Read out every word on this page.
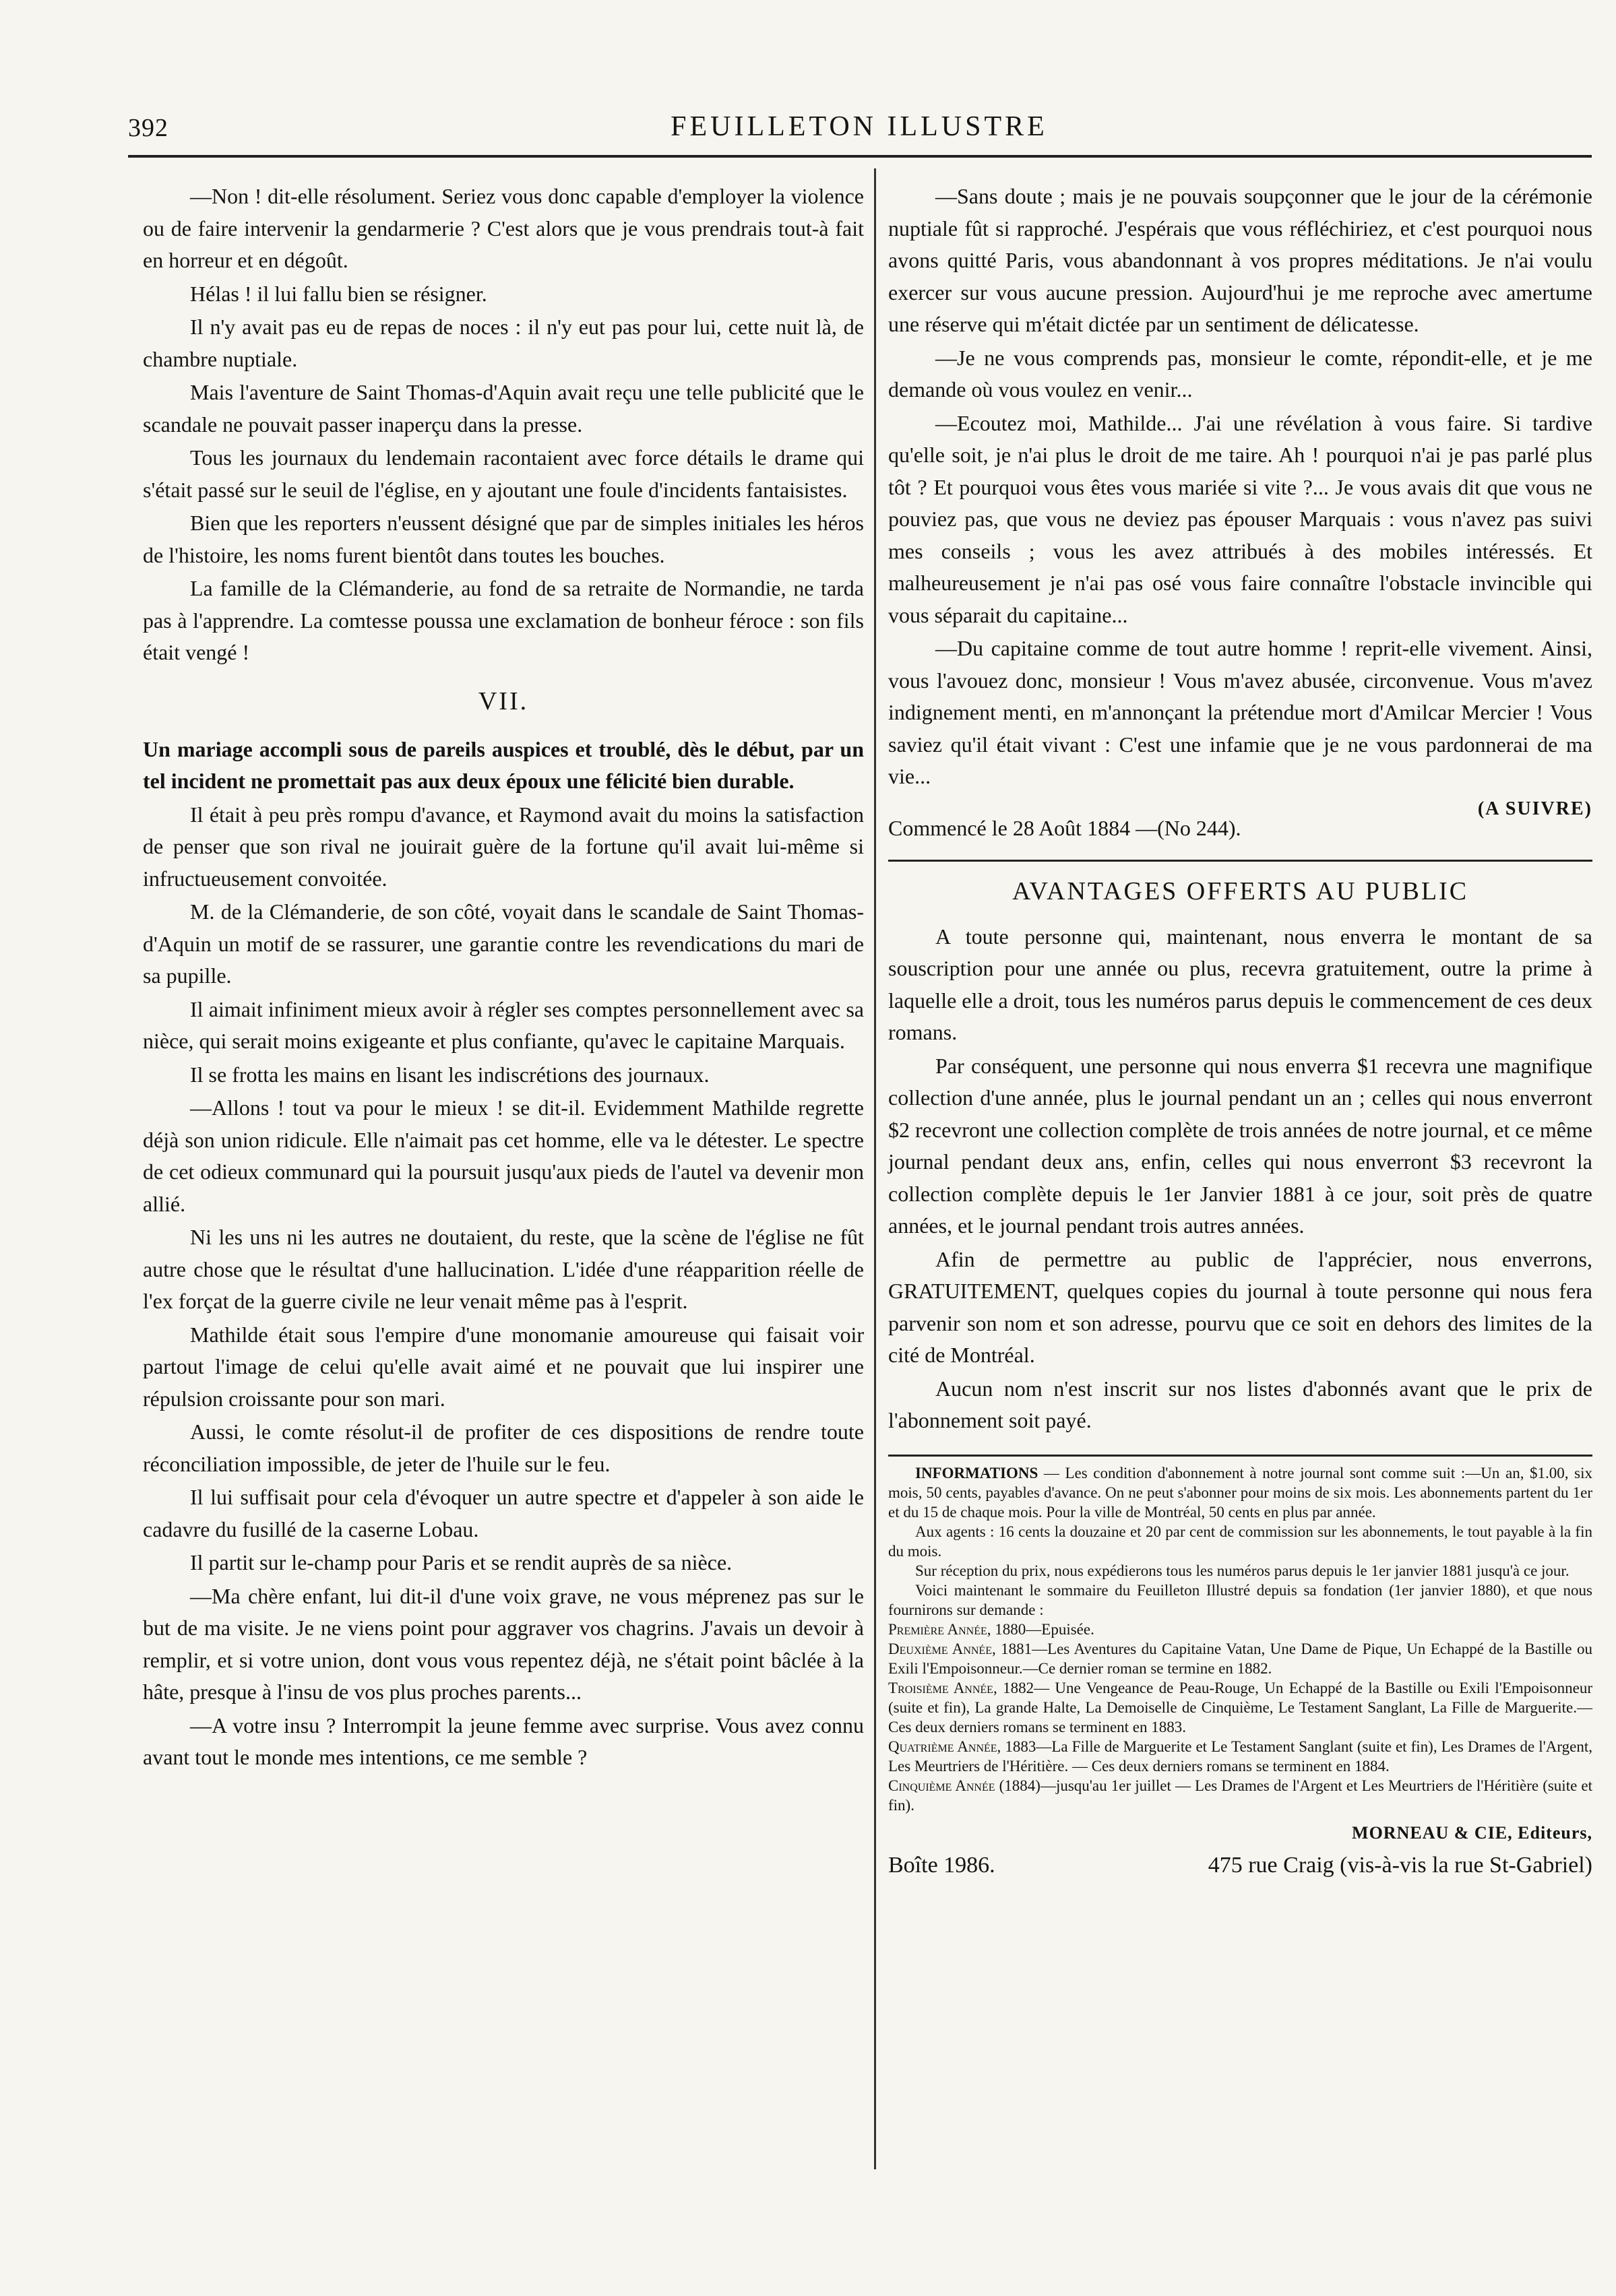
392	FEUILLETON ILLUSTRE

—Non ! dit-elle résolument. Seriez vous donc capable d'employer la violence ou de faire intervenir la gendarmerie ? C'est alors que je vous prendrais tout-à fait en horreur et en dégoût.

Hélas ! il lui fallu bien se résigner.

Il n'y avait pas eu de repas de noces : il n'y eut pas pour lui, cette nuit là, de chambre nuptiale.

Mais l'aventure de Saint Thomas-d'Aquin avait reçu une telle publicité que le scandale ne pouvait passer inaperçu dans la presse.

Tous les journaux du lendemain racontaient avec force détails le drame qui s'était passé sur le seuil de l'église, en y ajoutant une foule d'incidents fantaisistes.

Bien que les reporters n'eussent désigné que par de simples initiales les héros de l'histoire, les noms furent bientôt dans toutes les bouches.

La famille de la Clémanderie, au fond de sa retraite de Normandie, ne tarda pas à l'apprendre. La comtesse poussa une exclamation de bonheur féroce : son fils était vengé !

VII.

Un mariage accompli sous de pareils auspices et troublé, dès le début, par un tel incident ne promettait pas aux deux époux une félicité bien durable.

Il était à peu près rompu d'avance, et Raymond avait du moins la satisfaction de penser que son rival ne jouirait guère de la fortune qu'il avait lui-même si infructueusement convoitée.

M. de la Clémanderie, de son côté, voyait dans le scandale de Saint Thomas-d'Aquin un motif de se rassurer, une garantie contre les revendications du mari de sa pupille.

Il aimait infiniment mieux avoir à régler ses comptes personnellement avec sa nièce, qui serait moins exigeante et plus confiante, qu'avec le capitaine Marquais.

Il se frotta les mains en lisant les indiscrétions des journaux.

—Allons ! tout va pour le mieux ! se dit-il. Evidemment Mathilde regrette déjà son union ridicule. Elle n'aimait pas cet homme, elle va le détester. Le spectre de cet odieux communard qui la poursuit jusqu'aux pieds de l'autel va devenir mon allié.

Ni les uns ni les autres ne doutaient, du reste, que la scène de l'église ne fût autre chose que le résultat d'une hallucination. L'idée d'une réapparition réelle de l'ex forçat de la guerre civile ne leur venait même pas à l'esprit.

Mathilde était sous l'empire d'une monomanie amoureuse qui faisait voir partout l'image de celui qu'elle avait aimé et ne pouvait que lui inspirer une répulsion croissante pour son mari.

Aussi, le comte résolut-il de profiter de ces dispositions de rendre toute réconciliation impossible, de jeter de l'huile sur le feu.

Il lui suffisait pour cela d'évoquer un autre spectre et d'appeler à son aide le cadavre du fusillé de la caserne Lobau.

Il partit sur le-champ pour Paris et se rendit auprès de sa nièce.

—Ma chère enfant, lui dit-il d'une voix grave, ne vous méprenez pas sur le but de ma visite. Je ne viens point pour aggraver vos chagrins. J'avais un devoir à remplir, et si votre union, dont vous vous repentez déjà, ne s'était point bâclée à la hâte, presque à l'insu de vos plus proches parents...

—A votre insu ? Interrompit la jeune femme avec surprise. Vous avez connu avant tout le monde mes intentions, ce me semble ?

—Sans doute ; mais je ne pouvais soupçonner que le jour de la cérémonie nuptiale fût si rapproché. J'espérais que vous réfléchiriez, et c'est pourquoi nous avons quitté Paris, vous abandonnant à vos propres méditations. Je n'ai voulu exercer sur vous aucune pression. Aujourd'hui je me reproche avec amertume une réserve qui m'était dictée par un sentiment de délicatesse.

—Je ne vous comprends pas, monsieur le comte, répondit-elle, et je me demande où vous voulez en venir...

—Ecoutez moi, Mathilde... J'ai une révélation à vous faire. Si tardive qu'elle soit, je n'ai plus le droit de me taire. Ah ! pourquoi n'ai je pas parlé plus tôt ? Et pourquoi vous êtes vous mariée si vite ?... Je vous avais dit que vous ne pouviez pas, que vous ne deviez pas épouser Marquais : vous n'avez pas suivi mes conseils ; vous les avez attribués à des mobiles intéressés. Et malheureusement je n'ai pas osé vous faire connaître l'obstacle invincible qui vous séparait du capitaine...

—Du capitaine comme de tout autre homme ! reprit-elle vivement. Ainsi, vous l'avouez donc, monsieur ! Vous m'avez abusée, circonvenue. Vous m'avez indignement menti, en m'annonçant la prétendue mort d'Amilcar Mercier ! Vous saviez qu'il était vivant : C'est une infamie que je ne vous pardonnerai de ma vie...

(A SUIVRE)
Commencé le 28 Août 1884 —(No 244).
AVANTAGES OFFERTS AU PUBLIC

A toute personne qui, maintenant, nous enverra le montant de sa souscription pour une année ou plus, recevra gratuitement, outre la prime à laquelle elle a droit, tous les numéros parus depuis le commencement de ces deux romans.

Par conséquent, une personne qui nous enverra $1 recevra une magnifique collection d'une année, plus le journal pendant un an ; celles qui nous enverront $2 recevront une collection complète de trois années de notre journal, et ce même journal pendant deux ans, enfin, celles qui nous enverront $3 recevront la collection complète depuis le 1er Janvier 1881 à ce jour, soit près de quatre années, et le journal pendant trois autres années.

Afin de permettre au public de l'apprécier, nous enverrons, GRATUITEMENT, quelques copies du journal à toute personne qui nous fera parvenir son nom et son adresse, pourvu que ce soit en dehors des limites de la cité de Montréal.

Aucun nom n'est inscrit sur nos listes d'abonnés avant que le prix de l'abonnement soit payé.

INFORMATIONS — Les condition d'abonnement à notre journal sont comme suit :—Un an, $1.00, six mois, 50 cents, payables d'avance. On ne peut s'abonner pour moins de six mois. Les abonnements partent du 1er et du 15 de chaque mois. Pour la ville de Montréal, 50 cents en plus par année.

Aux agents : 16 cents la douzaine et 20 par cent de commission sur les abonnements, le tout payable à la fin du mois.

Sur réception du prix, nous expédierons tous les numéros parus depuis le 1er janvier 1881 jusqu'à ce jour.

Voici maintenant le sommaire du Feuilleton Illustré depuis sa fondation (1er janvier 1880), et que nous fournirons sur demande :

Première Année, 1880—Epuisée.

Deuxième Année, 1881—Les Aventures du Capitaine Vatan, Une Dame de Pique, Un Echappé de la Bastille ou Exili l'Empoisonneur.—Ce dernier roman se termine en 1882.

Troisième Année, 1882— Une Vengeance de Peau-Rouge, Un Echappé de la Bastille ou Exili l'Empoisonneur (suite et fin), La grande Halte, La Demoiselle de Cinquième, Le Testament Sanglant, La Fille de Marguerite.—Ces deux derniers romans se terminent en 1883.

Quatrième Année, 1883—La Fille de Marguerite et Le Testament Sanglant (suite et fin), Les Drames de l'Argent, Les Meurtriers de l'Héritière. — Ces deux derniers romans se terminent en 1884.

Cinquième Année (1884)—jusqu'au 1er juillet — Les Drames de l'Argent et Les Meurtriers de l'Héritière (suite et fin).

MORNEAU & CIE, Editeurs,
Boîte 1986.	475 rue Craig (vis-à-vis la rue St-Gabriel)
